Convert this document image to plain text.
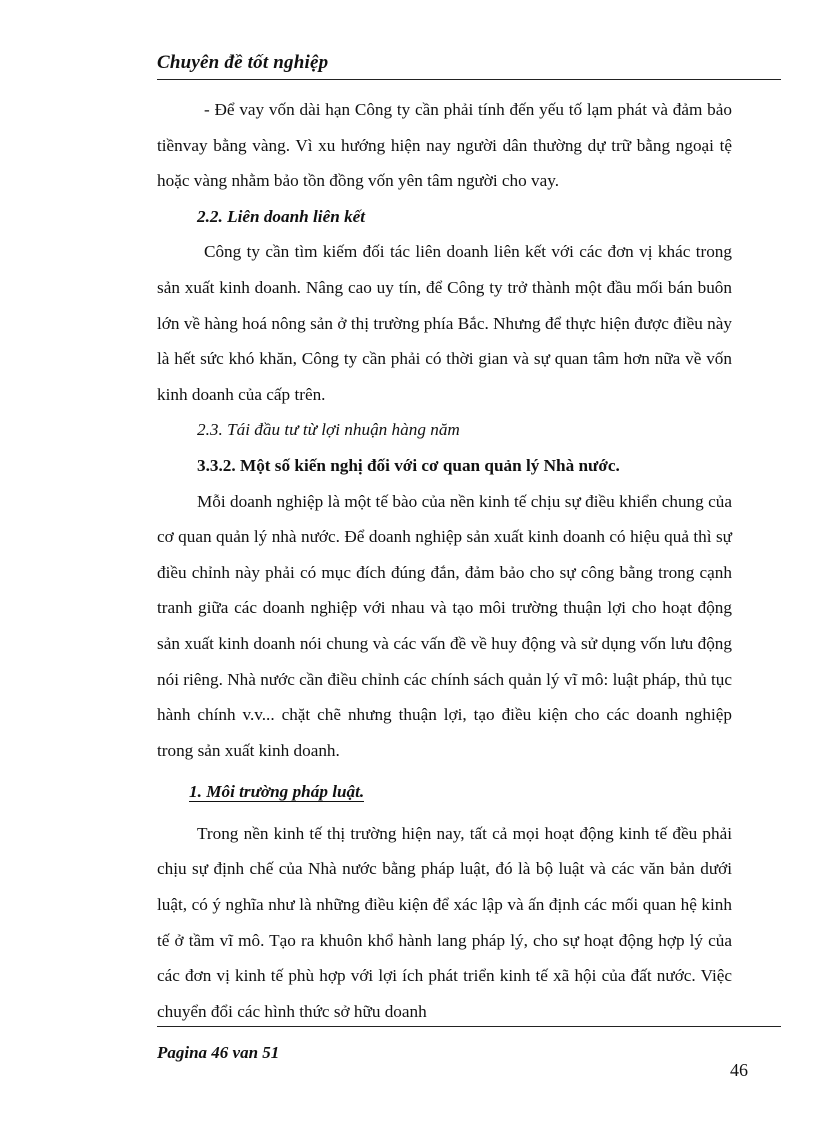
Chuyên đề tốt nghiệp

- Để vay vốn dài hạn Công ty cần phải tính đến yếu tố lạm phát và đảm bảo tiềnvay bằng vàng. Vì xu hướng hiện nay người dân thường dự trữ bằng ngoại tệ hoặc vàng nhằm bảo tồn đồng vốn yên tâm người cho vay.

2.2. Liên doanh liên kết

Công ty cần tìm kiếm đối tác liên doanh liên kết với các đơn vị khác trong sản xuất kinh doanh. Nâng cao uy tín, để Công ty trở thành một đầu mối bán buôn lớn về hàng hoá nông sản ở thị trường phía Bắc. Nhưng để thực hiện được điều này là hết sức khó khăn, Công ty cần phải có thời gian và sự quan tâm hơn nữa về vốn kinh doanh của cấp trên.

2.3. Tái đầu tư từ lợi nhuận hàng năm
3.3.2. Một số kiến nghị đối với cơ quan quản lý Nhà nước.

Mỗi doanh nghiệp là một tế bào của nền kinh tế chịu sự điều khiển chung của cơ quan quản lý nhà nước. Để doanh nghiệp sản xuất kinh doanh có hiệu quả thì sự điều chỉnh này phải có mục đích đúng đắn, đảm bảo cho sự công bằng trong cạnh tranh giữa các doanh nghiệp với nhau và tạo môi trường thuận lợi cho hoạt động sản xuất kinh doanh nói chung và các vấn đề về huy động và sử dụng vốn lưu động nói riêng. Nhà nước cần điều chỉnh các chính sách quản lý vĩ mô: luật pháp, thủ tục hành chính v.v... chặt chẽ nhưng thuận lợi, tạo điều kiện cho các doanh nghiệp trong sản xuất kinh doanh.

1. Môi trường pháp luật.

Trong nền kinh tế thị trường hiện nay, tất cả mọi hoạt động kinh tế đều phải chịu sự định chế của Nhà nước bằng pháp luật, đó là bộ luật và các văn bản dưới luật, có ý nghĩa như là những điều kiện để xác lập và ấn định các mối quan hệ kinh tế ở tầm vĩ mô. Tạo ra khuôn khổ hành lang pháp lý, cho sự hoạt động hợp lý của các đơn vị kinh tế phù hợp với lợi ích phát triển kinh tế xã hội của đất nước. Việc chuyển đổi các hình thức sở hữu doanh

Pagina 46 van 51
46
